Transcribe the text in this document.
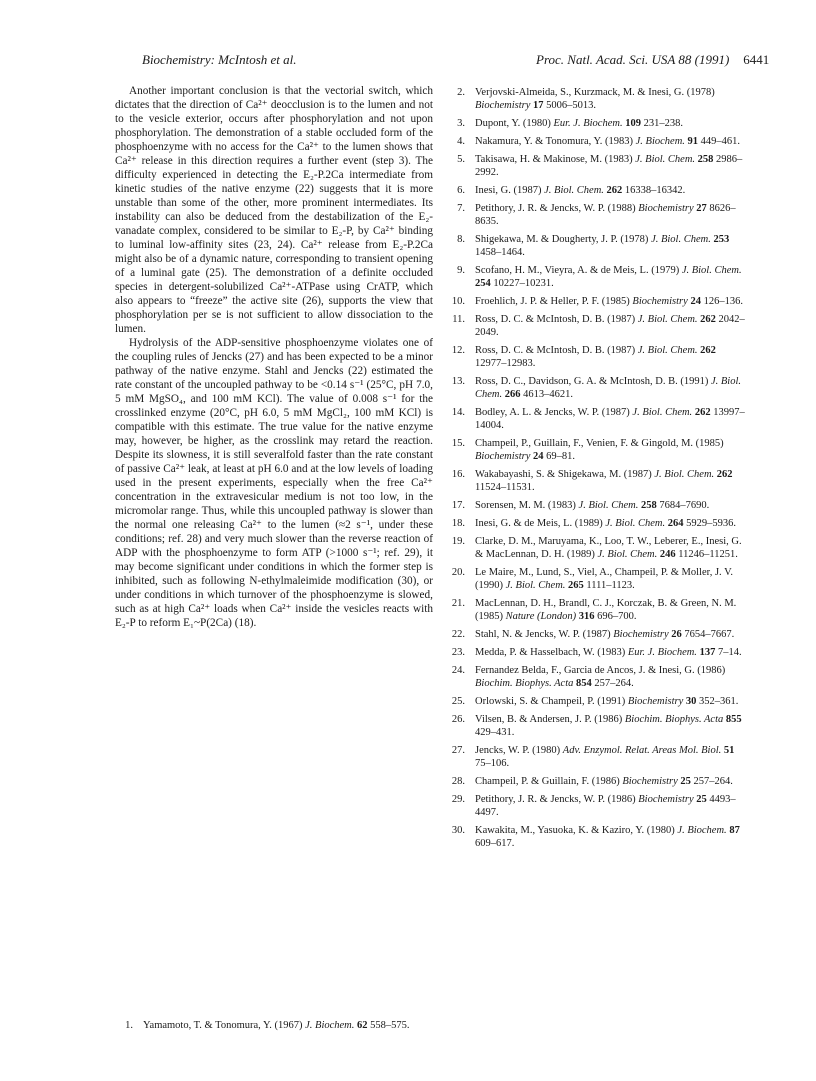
Biochemistry: McIntosh et al.	Proc. Natl. Acad. Sci. USA 88 (1991) 6441

Another important conclusion is that the vectorial switch, which dictates that the direction of Ca²⁺ deocclusion is to the lumen and not to the vesicle exterior, occurs after phosphorylation and not upon phosphorylation. The demonstration of a stable occluded form of the phosphoenzyme with no access for the Ca²⁺ to the lumen shows that Ca²⁺ release in this direction requires a further event (step 3). The difficulty experienced in detecting the E₂-P.2Ca intermediate from kinetic studies of the native enzyme (22) suggests that it is more unstable than some of the other, more prominent intermediates. Its instability can also be deduced from the destabilization of the E₂-vanadate complex, considered to be similar to E₂-P, by Ca²⁺ binding to luminal low-affinity sites (23, 24). Ca²⁺ release from E₂-P.2Ca might also be of a dynamic nature, corresponding to transient opening of a luminal gate (25). The demonstration of a definite occluded species in detergent-solubilized Ca²⁺-ATPase using CrATP, which also appears to “freeze” the active site (26), supports the view that phosphorylation per se is not sufficient to allow dissociation to the lumen.

Hydrolysis of the ADP-sensitive phosphoenzyme violates one of the coupling rules of Jencks (27) and has been expected to be a minor pathway of the native enzyme. Stahl and Jencks (22) estimated the rate constant of the uncoupled pathway to be <0.14 s⁻¹ (25°C, pH 7.0, 5 mM MgSO₄, and 100 mM KCl). The value of 0.008 s⁻¹ for the crosslinked enzyme (20°C, pH 6.0, 5 mM MgCl₂, 100 mM KCl) is compatible with this estimate. The true value for the native enzyme may, however, be higher, as the crosslink may retard the reaction. Despite its slowness, it is still severalfold faster than the rate constant of passive Ca²⁺ leak, at least at pH 6.0 and at the low levels of loading used in the present experiments, especially when the free Ca²⁺ concentration in the extravesicular medium is not too low, in the micromolar range. Thus, while this uncoupled pathway is slower than the normal one releasing Ca²⁺ to the lumen (≈2 s⁻¹, under these conditions; ref. 28) and very much slower than the reverse reaction of ADP with the phosphoenzyme to form ATP (>1000 s⁻¹; ref. 29), it may become significant under conditions in which the former step is inhibited, such as following N-ethylmaleimide modification (30), or under conditions in which turnover of the phosphoenzyme is slowed, such as at high Ca²⁺ loads when Ca²⁺ inside the vesicles reacts with E₂-P to reform E₁~P(2Ca) (18).

1. Yamamoto, T. & Tonomura, Y. (1967) J. Biochem. 62 558–575.
2. Verjovski-Almeida, S., Kurzmack, M. & Inesi, G. (1978) Biochemistry 17 5006–5013.
3. Dupont, Y. (1980) Eur. J. Biochem. 109 231–238.
4. Nakamura, Y. & Tonomura, Y. (1983) J. Biochem. 91 449–461.
5. Takisawa, H. & Makinose, M. (1983) J. Biol. Chem. 258 2986–2992.
6. Inesi, G. (1987) J. Biol. Chem. 262 16338–16342.
7. Petithory, J. R. & Jencks, W. P. (1988) Biochemistry 27 8626–8635.
8. Shigekawa, M. & Dougherty, J. P. (1978) J. Biol. Chem. 253 1458–1464.
9. Scofano, H. M., Vieyra, A. & de Meis, L. (1979) J. Biol. Chem. 254 10227–10231.
10. Froehlich, J. P. & Heller, P. F. (1985) Biochemistry 24 126–136.
11. Ross, D. C. & McIntosh, D. B. (1987) J. Biol. Chem. 262 2042–2049.
12. Ross, D. C. & McIntosh, D. B. (1987) J. Biol. Chem. 262 12977–12983.
13. Ross, D. C., Davidson, G. A. & McIntosh, D. B. (1991) J. Biol. Chem. 266 4613–4621.
14. Bodley, A. L. & Jencks, W. P. (1987) J. Biol. Chem. 262 13997–14004.
15. Champeil, P., Guillain, F., Venien, F. & Gingold, M. (1985) Biochemistry 24 69–81.
16. Wakabayashi, S. & Shigekawa, M. (1987) J. Biol. Chem. 262 11524–11531.
17. Sorensen, M. M. (1983) J. Biol. Chem. 258 7684–7690.
18. Inesi, G. & de Meis, L. (1989) J. Biol. Chem. 264 5929–5936.
19. Clarke, D. M., Maruyama, K., Loo, T. W., Leberer, E., Inesi, G. & MacLennan, D. H. (1989) J. Biol. Chem. 246 11246–11251.
20. Le Maire, M., Lund, S., Viel, A., Champeil, P. & Moller, J. V. (1990) J. Biol. Chem. 265 1111–1123.
21. MacLennan, D. H., Brandl, C. J., Korczak, B. & Green, N. M. (1985) Nature (London) 316 696–700.
22. Stahl, N. & Jencks, W. P. (1987) Biochemistry 26 7654–7667.
23. Medda, P. & Hasselbach, W. (1983) Eur. J. Biochem. 137 7–14.
24. Fernandez Belda, F., Garcia de Ancos, J. & Inesi, G. (1986) Biochim. Biophys. Acta 854 257–264.
25. Orlowski, S. & Champeil, P. (1991) Biochemistry 30 352–361.
26. Vilsen, B. & Andersen, J. P. (1986) Biochim. Biophys. Acta 855 429–431.
27. Jencks, W. P. (1980) Adv. Enzymol. Relat. Areas Mol. Biol. 51 75–106.
28. Champeil, P. & Guillain, F. (1986) Biochemistry 25 257–264.
29. Petithory, J. R. & Jencks, W. P. (1986) Biochemistry 25 4493–4497.
30. Kawakita, M., Yasuoka, K. & Kaziro, Y. (1980) J. Biochem. 87 609–617.
